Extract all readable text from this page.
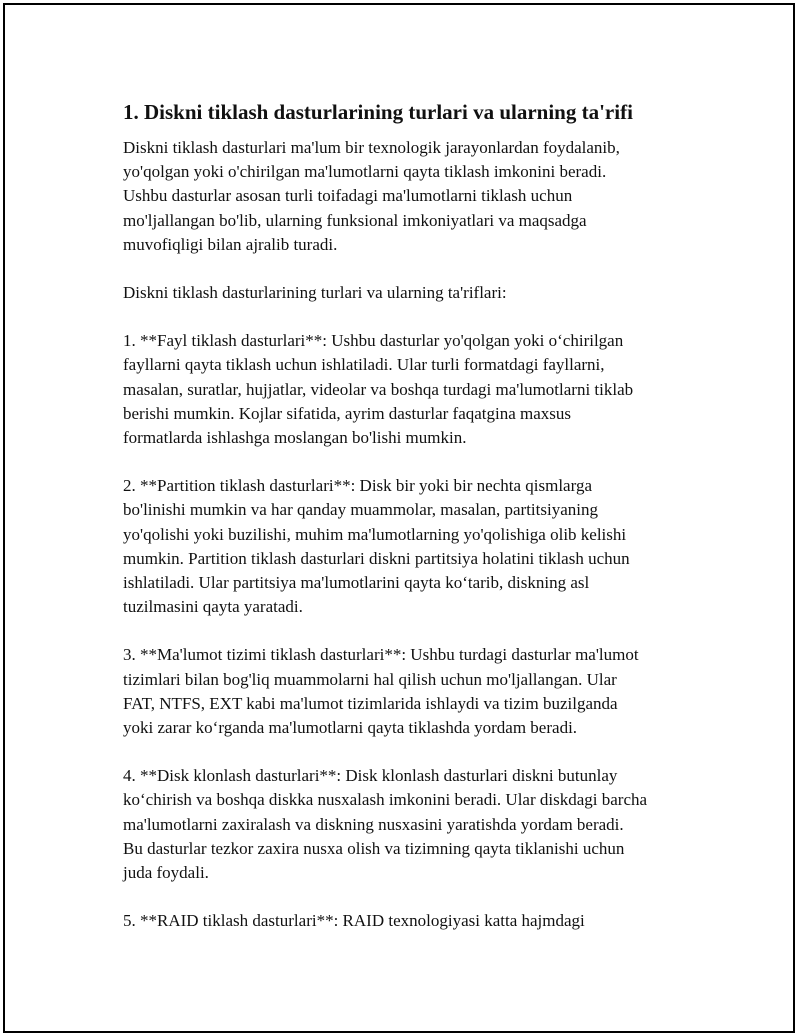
1. Diskni tiklash dasturlarining turlari va ularning ta'rifi
Diskni tiklash dasturlari ma'lum bir texnologik jarayonlardan foydalanib,
yo'qolgan yoki o'chirilgan ma'lumotlarni qayta tiklash imkonini beradi.
Ushbu dasturlar asosan turli toifadagi ma'lumotlarni tiklash uchun
mo'ljallangan bo'lib, ularning funksional imkoniyatlari va maqsadga
muvofiqligi bilan ajralib turadi.
Diskni tiklash dasturlarining turlari va ularning ta'riflari:
1. **Fayl tiklash dasturlari**: Ushbu dasturlar yo'qolgan yoki o‘chirilgan
fayllarni qayta tiklash uchun ishlatiladi. Ular turli formatdagi fayllarni,
masalan, suratlar, hujjatlar, videolar va boshqa turdagi ma'lumotlarni tiklab
berishi mumkin. Kojlar sifatida, ayrim dasturlar faqatgina maxsus
formatlarda ishlashga moslangan bo'lishi mumkin.
2. **Partition tiklash dasturlari**: Disk bir yoki bir nechta qismlarga
bo'linishi mumkin va har qanday muammolar, masalan, partitsiyaning
yo'qolishi yoki buzilishi, muhim ma'lumotlarning yo'qolishiga olib kelishi
mumkin. Partition tiklash dasturlari diskni partitsiya holatini tiklash uchun
ishlatiladi. Ular partitsiya ma'lumotlarini qayta ko‘tarib, diskning asl
tuzilmasini qayta yaratadi.
3. **Ma'lumot tizimi tiklash dasturlari**: Ushbu turdagi dasturlar ma'lumot
tizimlari bilan bog'liq muammolarni hal qilish uchun mo'ljallangan. Ular
FAT, NTFS, EXT kabi ma'lumot tizimlarida ishlaydi va tizim buzilganda
yoki zarar ko‘rganda ma'lumotlarni qayta tiklashda yordam beradi.
4. **Disk klonlash dasturlari**: Disk klonlash dasturlari diskni butunlay
ko‘chirish va boshqa diskka nusxalash imkonini beradi. Ular diskdagi barcha
ma'lumotlarni zaxiralash va diskning nusxasini yaratishda yordam beradi.
Bu dasturlar tezkor zaxira nusxa olish va tizimning qayta tiklanishi uchun
juda foydali.
5. **RAID tiklash dasturlari**: RAID texnologiyasi katta hajmdagi
